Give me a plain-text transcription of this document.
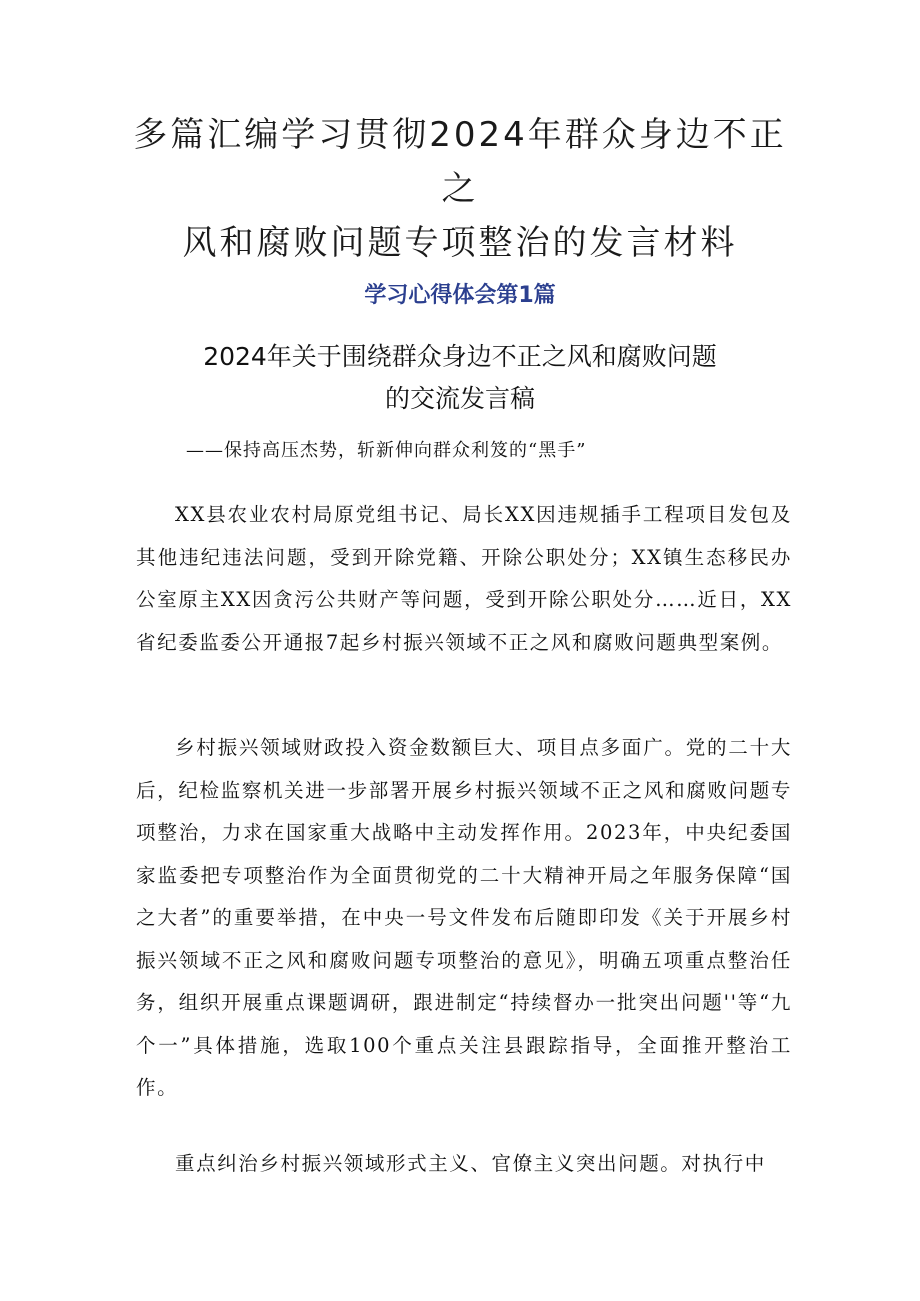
多篇汇编学习贯彻2024年群众身边不正之
风和腐败问题专项整治的发言材料
学习心得体会第1篇
2024年关于围绕群众身边不正之风和腐败问题
的交流发言稿
——保持高压杰势，斩新伸向群众利笈的“黑手”

XX县农业农村局原党组书记、局长XX因违规插手工程项目发包及其他违纪违法问题，受到开除党籍、开除公职处分；XX镇生态移民办公室原主XX因贪污公共财产等问题，受到开除公职处分……近日，XX省纪委监委公开通报7起乡村振兴领域不正之风和腐败问题典型案例。

乡村振兴领域财政投入资金数额巨大、项目点多面广。党的二十大后，纪检监察机关进一步部署开展乡村振兴领域不正之风和腐败问题专项整治，力求在国家重大战略中主动发挥作用。2023年，中央纪委国家监委把专项整治作为全面贯彻党的二十大精神开局之年服务保障“国之大者”的重要举措，在中央一号文件发布后随即印发《关于开展乡村振兴领域不正之风和腐败问题专项整治的意见》，明确五项重点整治任务，组织开展重点课题调研，跟进制定“持续督办一批突出问题''等“九个一”具体措施，选取100个重点关注县跟踪指导，全面推开整治工作。

重点纠治乡村振兴领域形式主义、官僚主义突出问题。对执行中
